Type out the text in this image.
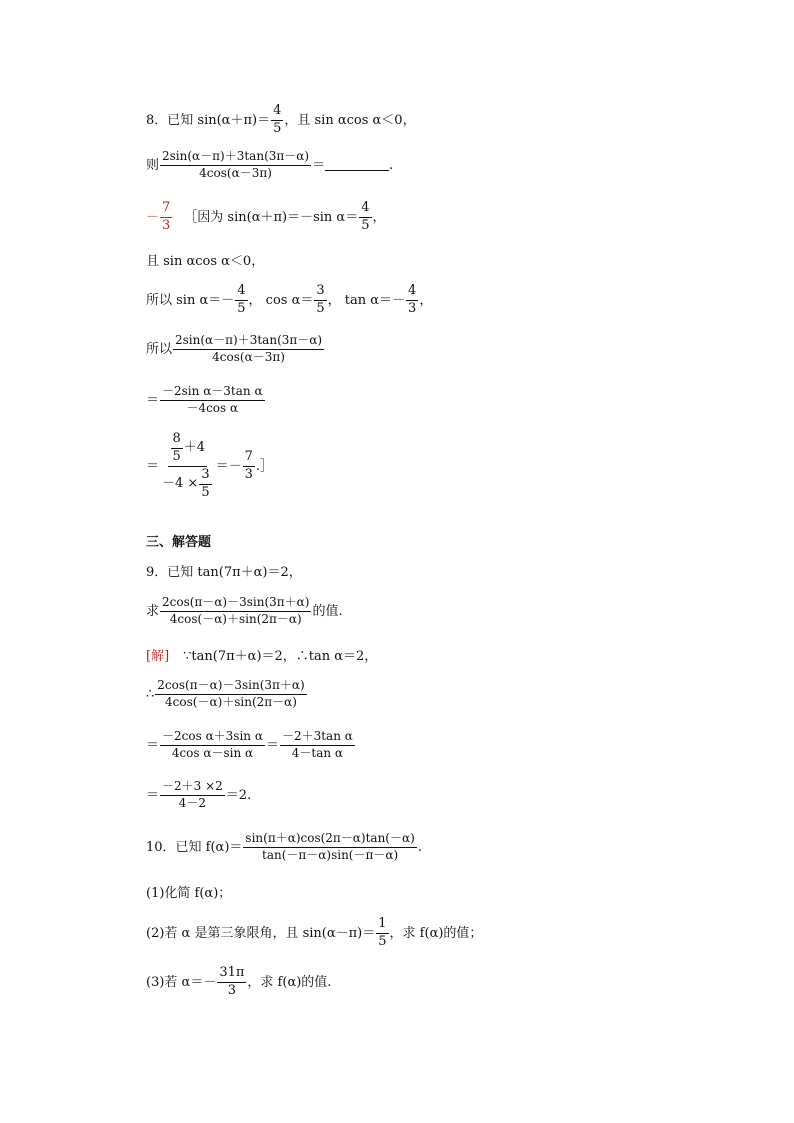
8．已知 $\sin(\alpha+\pi)= \frac{4}{5}$ ，且 sin αcos α＜0，
则 $\frac{2\sin(\alpha-\pi)+3\tan(3\pi-\alpha)}{4\cos(\alpha-3\pi)}$ ＝	.
－ $\frac{7}{3}$ ［因为 sin(α＋π)＝－sin $\alpha= \frac{4}{5}$ ，
且 sin αcos α＜0，
所以 $\sin \alpha=- \frac{4}{5}$ ， $\cos \alpha= \frac{3}{5}$ ， $\tan \alpha=- \frac{4}{3}$ ，
所以 $\frac{2\sin(\alpha-\pi)+3\tan(3\pi-\alpha)}{4\cos(\alpha-3\pi)}$
＝ $\frac{\text{－2sin α－3tan α}}{\text{－4cos α}}$
＝ $\frac{\frac{8}{5} +4}{-4 \times \frac{3}{5}} =- \frac{7}{3}$ .］
三、解答题
9．已知 tan(7π＋α)＝2，
求 $\frac{2\cos(\pi-\alpha)-3\sin(3\pi+\alpha)}{4\cos(-\alpha)+\sin(2\pi-\alpha)}$ 的值.
[解] ∵tan(7π＋α)＝2，∴tan α＝2，
∴ $\frac{2\cos(\pi-\alpha)-3\sin(3\pi+\alpha)}{4\cos(-\alpha)+\sin(2\pi-\alpha)}$
＝ $\frac{\text{－2cos α＋3sin α}}{\text{4cos α－sin α}} = \frac{\text{－2＋3tan α}}{\text{4－tan α}}$
＝ $\frac{-2+3 \times 2}{4-2} =2$.
10．已知 $f(\alpha)= \frac{\sin(\pi+\alpha)\cos(2\pi-\alpha)\tan(-\alpha)}{\tan(-\pi-\alpha)\sin(-\pi-\alpha)}$ .
(1)化简 f(α)；
(2)若 α 是第三象限角，且 $\sin(\alpha-\pi)= \frac{1}{5}$ ，求 f(α)的值；
(3)若 $\alpha=- \frac{31\pi}{3}$ ，求 f(α)的值.
